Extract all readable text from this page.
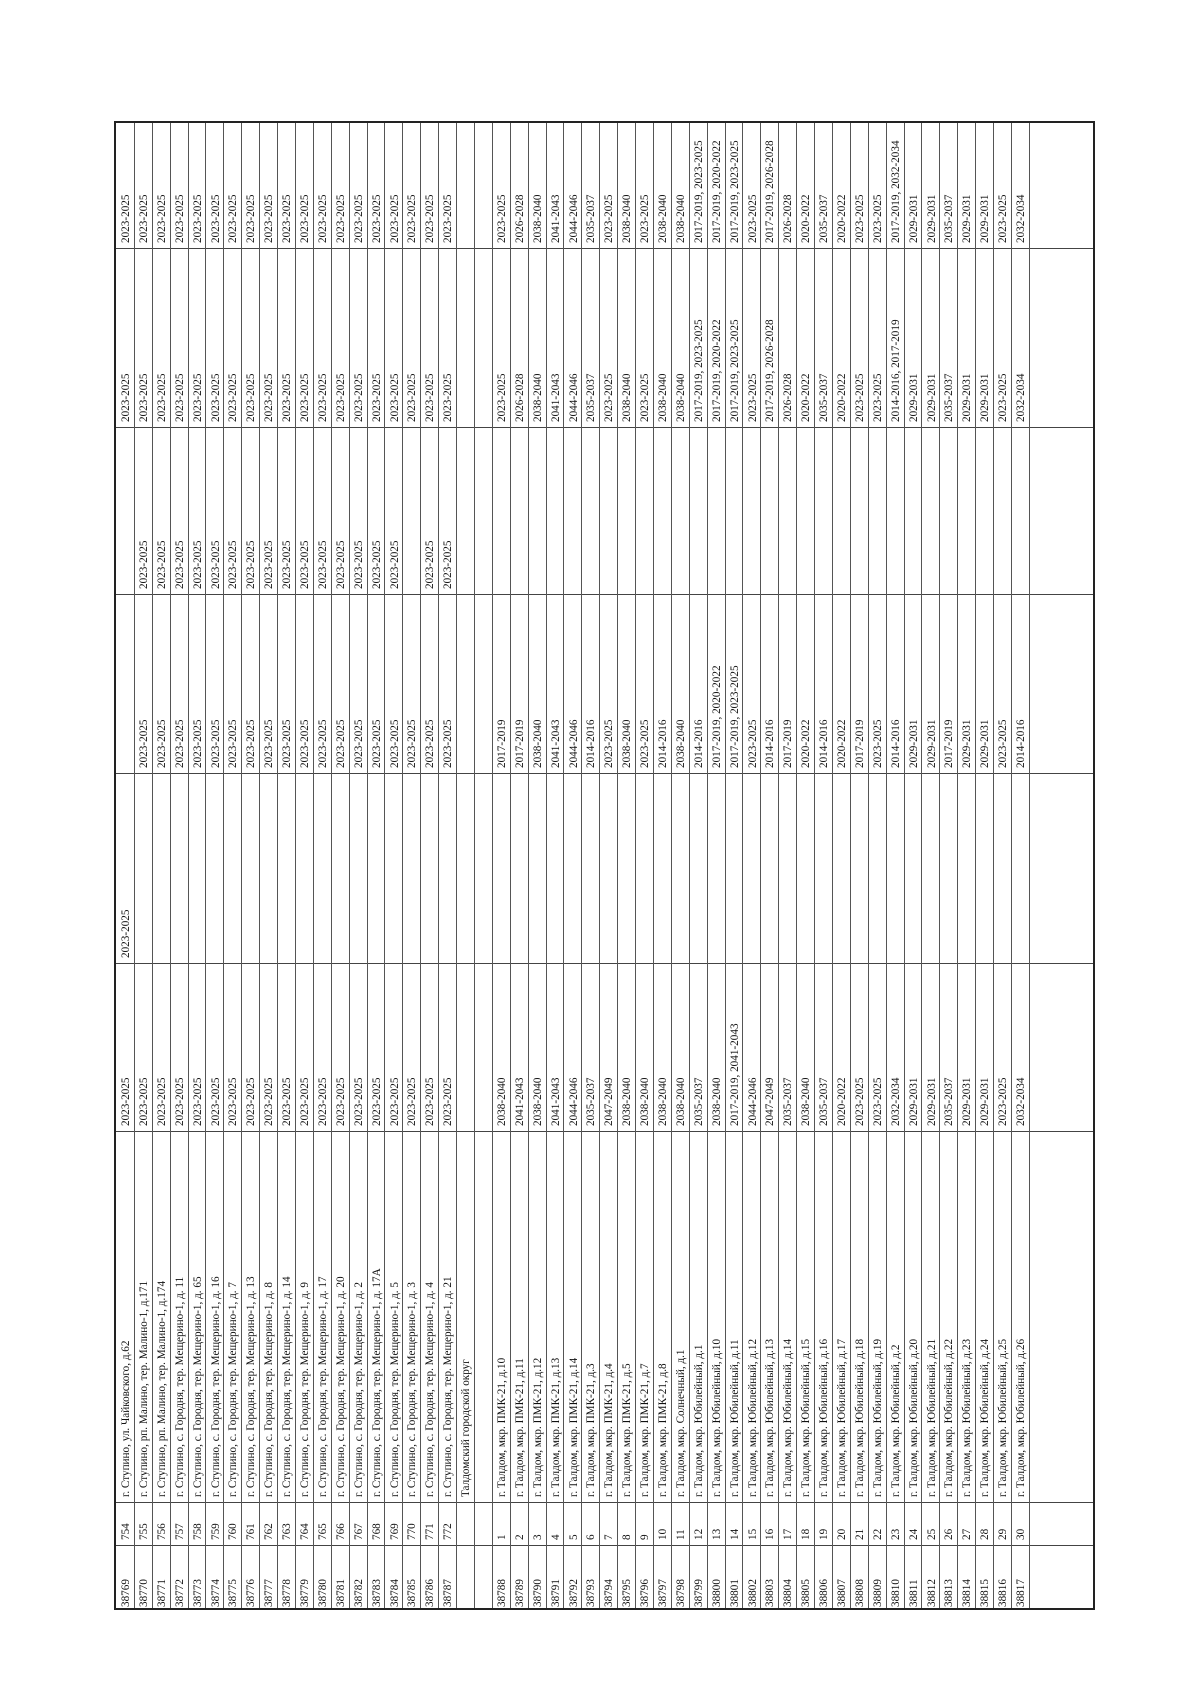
2023-2025
2023-2025
2023-2025
2023-2025
г. Ступино, ул. Чайковского, д.62
754
38769
2023-2025
2023-2025
2023-2025
2023-2025
2023-2025
г. Ступино, рп. Малино, тер. Малино-1, д.171
755
38770
2023-2025
2023-2025
2023-2025
2023-2025
2023-2025
г. Ступино, рп. Малино, тер. Малино-1, д.174
756
38771
2023-2025
2023-2025
2023-2025
2023-2025
2023-2025
г. Ступино, с. Городня, тер. Мещерино-1, д. 11
757
38772
2023-2025
2023-2025
2023-2025
2023-2025
2023-2025
г. Ступино, с. Городня, тер. Мещерино-1, д. 65
758
38773
2023-2025
2023-2025
2023-2025
2023-2025
2023-2025
г. Ступино, с. Городня, тер. Мещерино-1, д. 16
759
38774
2023-2025
2023-2025
2023-2025
2023-2025
2023-2025
г. Ступино, с. Городня, тер. Мещерино-1, д. 7
760
38775
2023-2025
2023-2025
2023-2025
2023-2025
2023-2025
г. Ступино, с. Городня, тер. Мещерино-1, д. 13
761
38776
2023-2025
2023-2025
2023-2025
2023-2025
2023-2025
г. Ступино, с. Городня, тер. Мещерино-1, д. 8
762
38777
2023-2025
2023-2025
2023-2025
2023-2025
2023-2025
г. Ступино, с. Городня, тер. Мещерино-1, д. 14
763
38778
2023-2025
2023-2025
2023-2025
2023-2025
2023-2025
г. Ступино, с. Городня, тер. Мещерино-1, д. 9
764
38779
2023-2025
2023-2025
2023-2025
2023-2025
2023-2025
г. Ступино, с. Городня, тер. Мещерино-1, д. 17
765
38780
2023-2025
2023-2025
2023-2025
2023-2025
2023-2025
г. Ступино, с. Городня, тер. Мещерино-1, д. 20
766
38781
2023-2025
2023-2025
2023-2025
2023-2025
2023-2025
г. Ступино, с. Городня, тер. Мещерино-1, д. 2
767
38782
2023-2025
2023-2025
2023-2025
2023-2025
2023-2025
г. Ступино, с. Городня, тер. Мещерино-1, д. 17А
768
38783
2023-2025
2023-2025
2023-2025
2023-2025
2023-2025
г. Ступино, с. Городня, тер. Мещерино-1, д. 5
769
38784
2023-2025
2023-2025
2023-2025
2023-2025
г. Ступино, с. Городня, тер. Мещерино-1, д. 3
770
38785
2023-2025
2023-2025
2023-2025
2023-2025
2023-2025
г. Ступино, с. Городня, тер. Мещерино-1, д. 4
771
38786
2023-2025
2023-2025
2023-2025
2023-2025
2023-2025
г. Ступино, с. Городня, тер. Мещерино-1, д. 21
772
38787
Талдомский городской округ
2023-2025
2023-2025
2017-2019
2038-2040
г. Талдом, мкр. ПМК-21, д.10
1
38788
2026-2028
2026-2028
2017-2019
2041-2043
г. Талдом, мкр. ПМК-21, д.11
2
38789
2038-2040
2038-2040
2038-2040
2038-2040
г. Талдом, мкр. ПМК-21, д.12
3
38790
2041-2043
2041-2043
2041-2043
2041-2043
г. Талдом, мкр. ПМК-21, д.13
4
38791
2044-2046
2044-2046
2044-2046
2044-2046
г. Талдом, мкр. ПМК-21, д.14
5
38792
2035-2037
2035-2037
2014-2016
2035-2037
г. Талдом, мкр. ПМК-21, д.3
6
38793
2023-2025
2023-2025
2023-2025
2047-2049
г. Талдом, мкр. ПМК-21, д.4
7
38794
2038-2040
2038-2040
2038-2040
2038-2040
г. Талдом, мкр. ПМК-21, д.5
8
38795
2023-2025
2023-2025
2023-2025
2038-2040
г. Талдом, мкр. ПМК-21, д.7
9
38796
2038-2040
2038-2040
2014-2016
2038-2040
г. Талдом, мкр. ПМК-21, д.8
10
38797
2038-2040
2038-2040
2038-2040
2038-2040
г. Талдом, мкр. Солнечный, д.1
11
38798
2017-2019, 2023-2025
2017-2019, 2023-2025
2014-2016
2035-2037
г. Талдом, мкр. Юбилейный, д.1
12
38799
2017-2019, 2020-2022
2017-2019, 2020-2022
2017-2019, 2020-2022
2038-2040
г. Талдом, мкр. Юбилейный, д.10
13
38800
2017-2019, 2023-2025
2017-2019, 2023-2025
2017-2019, 2023-2025
2017-2019, 2041-2043
г. Талдом, мкр. Юбилейный, д.11
14
38801
2023-2025
2023-2025
2023-2025
2044-2046
г. Талдом, мкр. Юбилейный, д.12
15
38802
2017-2019, 2026-2028
2017-2019, 2026-2028
2014-2016
2047-2049
г. Талдом, мкр. Юбилейный, д.13
16
38803
2026-2028
2026-2028
2017-2019
2035-2037
г. Талдом, мкр. Юбилейный, д.14
17
38804
2020-2022
2020-2022
2020-2022
2038-2040
г. Талдом, мкр. Юбилейный, д.15
18
38805
2035-2037
2035-2037
2014-2016
2035-2037
г. Талдом, мкр. Юбилейный, д.16
19
38806
2020-2022
2020-2022
2020-2022
2020-2022
г. Талдом, мкр. Юбилейный, д.17
20
38807
2023-2025
2023-2025
2017-2019
2023-2025
г. Талдом, мкр. Юбилейный, д.18
21
38808
2023-2025
2023-2025
2023-2025
2023-2025
г. Талдом, мкр. Юбилейный, д.19
22
38809
2017-2019, 2032-2034
2014-2016, 2017-2019
2014-2016
2032-2034
г. Талдом, мкр. Юбилейный, д.2
23
38810
2029-2031
2029-2031
2029-2031
2029-2031
г. Талдом, мкр. Юбилейный, д.20
24
38811
2029-2031
2029-2031
2029-2031
2029-2031
г. Талдом, мкр. Юбилейный, д.21
25
38812
2035-2037
2035-2037
2017-2019
2035-2037
г. Талдом, мкр. Юбилейный, д.22
26
38813
2029-2031
2029-2031
2029-2031
2029-2031
г. Талдом, мкр. Юбилейный, д.23
27
38814
2029-2031
2029-2031
2029-2031
2029-2031
г. Талдом, мкр. Юбилейный, д.24
28
38815
2023-2025
2023-2025
2023-2025
2023-2025
г. Талдом, мкр. Юбилейный, д.25
29
38816
2032-2034
2032-2034
2014-2016
2032-2034
г. Талдом, мкр. Юбилейный, д.26
30
38817
